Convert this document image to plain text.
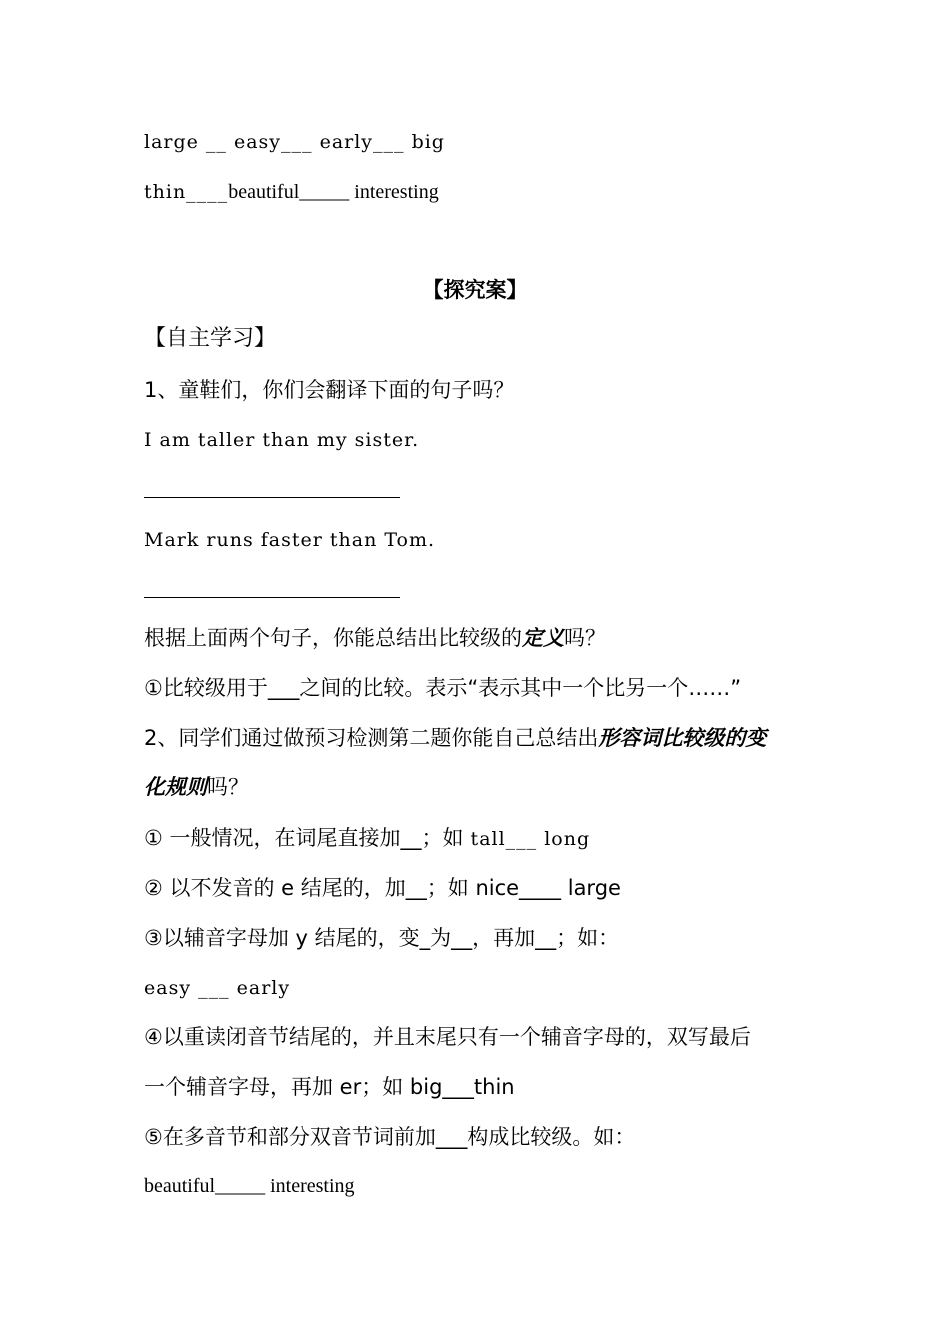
large __ easy___ early___ big
thin____beautiful_____ interesting
【探究案】
【自主学习】
1、童鞋们，你们会翻译下面的句子吗？
I am taller than my sister.
Mark runs faster than Tom.
根据上面两个句子，你能总结出比较级的定义吗？
①比较级用于___之间的比较。表示“表示其中一个比另一个……”
2、同学们通过做预习检测第二题你能自己总结出形容词比较级的变
化规则吗？
① 一般情况，在词尾直接加__；如 tall___ long
② 以不发音的 e 结尾的，加__；如 nice____ large
③以辅音字母加 y 结尾的，变_为__，再加__；如：
easy ___ early
④以重读闭音节结尾的，并且末尾只有一个辅音字母的，双写最后
一个辅音字母，再加 er；如 big___thin
⑤在多音节和部分双音节词前加___构成比较级。如：
beautiful_____ interesting
